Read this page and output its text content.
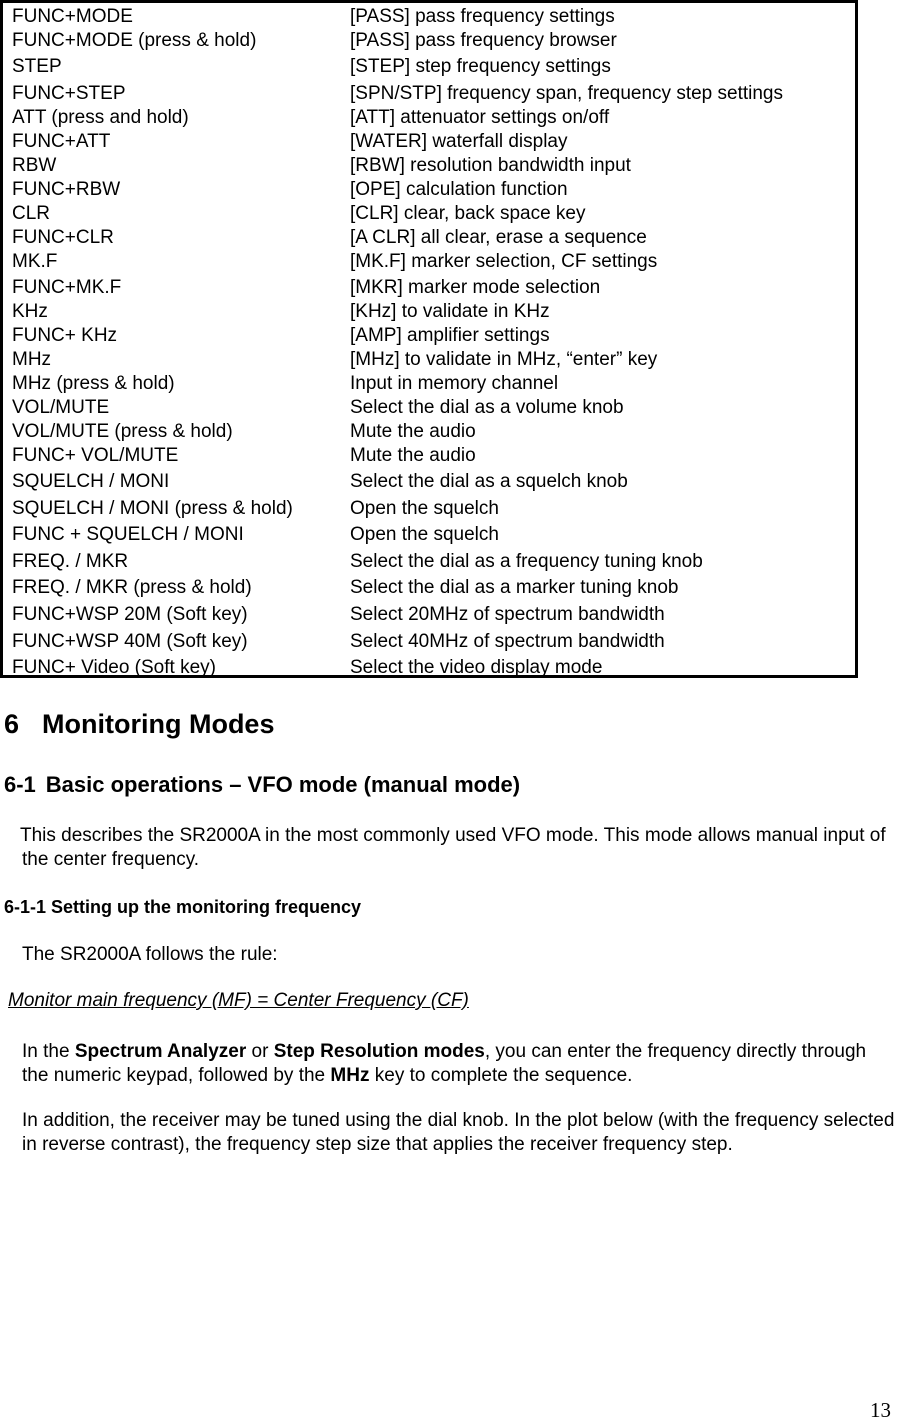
FUNC+MODE	[PASS] pass frequency settings
FUNC+MODE (press & hold)	[PASS] pass frequency browser
STEP	[STEP] step frequency settings
FUNC+STEP	[SPN/STP] frequency span, frequency step settings
ATT (press and hold)	[ATT] attenuator settings on/off
FUNC+ATT	[WATER] waterfall display
RBW	[RBW] resolution bandwidth input
FUNC+RBW	[OPE] calculation function
CLR	[CLR] clear, back space key
FUNC+CLR	[A CLR] all clear, erase a sequence
MK.F	[MK.F] marker selection, CF settings
FUNC+MK.F	[MKR] marker mode selection
KHz	[KHz] to validate in KHz
FUNC+ KHz	[AMP] amplifier settings
MHz	[MHz] to validate in MHz, “enter” key
MHz (press & hold)	Input in memory channel
VOL/MUTE	Select the dial as a volume knob
VOL/MUTE (press & hold)	Mute the audio
FUNC+ VOL/MUTE	Mute the audio
SQUELCH / MONI	Select the dial as a squelch knob
SQUELCH / MONI (press & hold)	Open the squelch
FUNC + SQUELCH / MONI	Open the squelch
FREQ. / MKR	Select the dial as a frequency tuning knob
FREQ. / MKR (press & hold)	Select the dial as a marker tuning knob
FUNC+WSP 20M (Soft key)	Select 20MHz of spectrum bandwidth
FUNC+WSP 40M (Soft key)	Select 40MHz of spectrum bandwidth
FUNC+ Video (Soft key)	Select the video display mode
6 Monitoring Modes
6-1 Basic operations – VFO mode (manual mode)
This describes the SR2000A in the most commonly used VFO mode. This mode allows manual input of the center frequency.
6-1-1 Setting up the monitoring frequency
The SR2000A follows the rule:
Monitor main frequency (MF) = Center Frequency (CF)
In the Spectrum Analyzer or Step Resolution modes, you can enter the frequency directly through the numeric keypad, followed by the MHz key to complete the sequence.
In addition, the receiver may be tuned using the dial knob. In the plot below (with the frequency selected in reverse contrast), the frequency step size that applies the receiver frequency step.
13
